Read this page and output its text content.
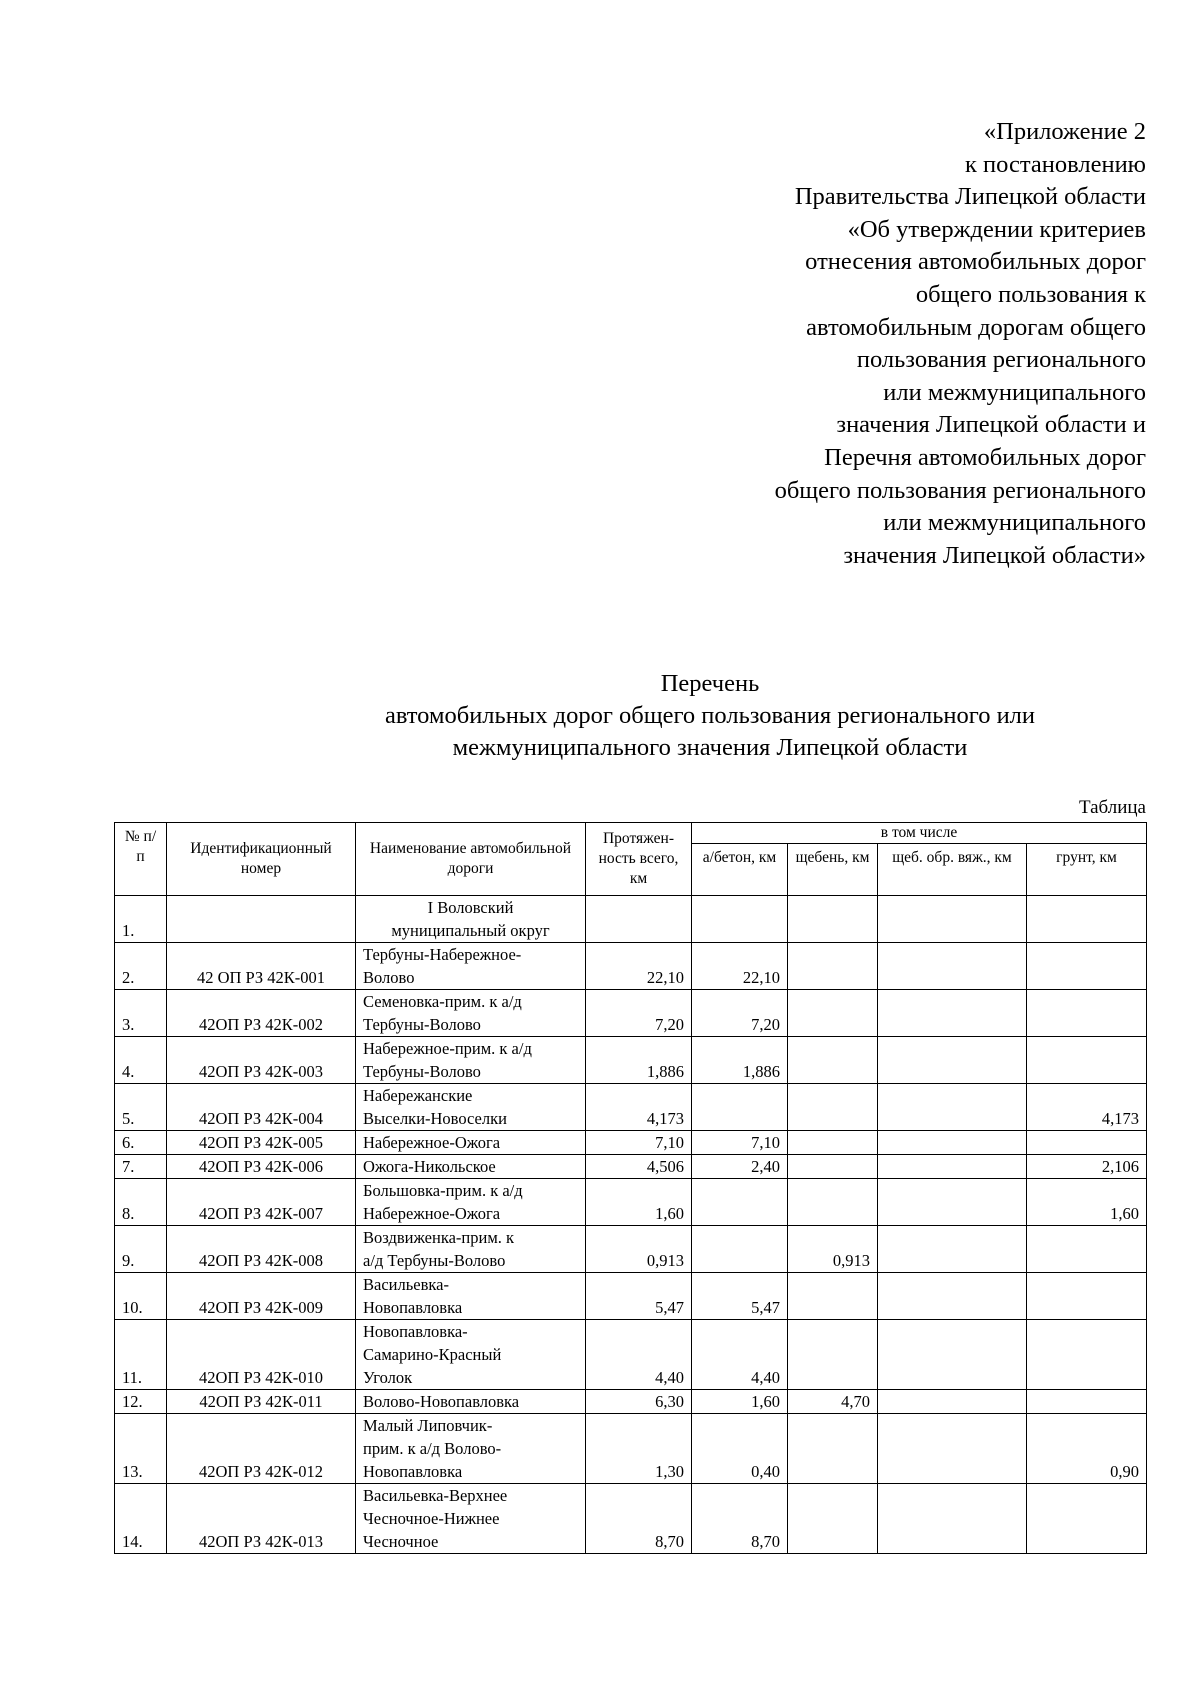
«Приложение 2
к постановлению
Правительства Липецкой области
«Об утверждении критериев
отнесения автомобильных дорог
общего пользования к
автомобильным дорогам общего
пользования регионального
или межмуниципального
значения Липецкой области и
Перечня автомобильных дорог
общего пользования регионального
или межмуниципального
значения Липецкой области»
Перечень
автомобильных дорог общего пользования регионального или
межмуниципального значения Липецкой области
Таблица
№ п/п	Идентификационный номер	Наименование автомобильной дороги	Протяжен- ность всего, км	в том числе			
				а/бетон, км	щебень, км	щеб. обр. вяж., км	грунт, км
1.		I Воловский
муниципальный округ					

2.	42 ОП РЗ 42К-001	Тербуны-Набережное-
Волово	22,10	22,10			
3.	42ОП РЗ 42К-002	Семеновка-прим. к а/д
Тербуны-Волово	7,20	7,20			
4.	42ОП РЗ 42К-003	Набережное-прим. к а/д
Тербуны-Волово	1,886	1,886			
5.	42ОП РЗ 42К-004	Набережанские
Выселки-Новоселки	4,173				4,173
6.	42ОП РЗ 42К-005	Набережное-Ожога	7,10	7,10			
7.	42ОП РЗ 42К-006	Ожога-Никольское	4,506	2,40			2,106
8.	42ОП РЗ 42К-007	Большовка-прим. к а/д
Набережное-Ожога	1,60				1,60
9.	42ОП РЗ 42К-008	Воздвиженка-прим. к
а/д Тербуны-Волово	0,913		0,913		
10.	42ОП РЗ 42К-009	Васильевка-
Новопавловка	5,47	5,47			
11.	42ОП РЗ 42К-010	Новопавловка-
Самарино-Красный
Уголок	4,40	4,40			
12.	42ОП РЗ 42К-011	Волово-Новопавловка	6,30	1,60	4,70		
13.	42ОП РЗ 42К-012	Малый Липовчик-
прим. к а/д Волово-
Новопавловка	1,30	0,40			0,90
14.	42ОП РЗ 42К-013	Васильевка-Верхнее
Чесночное-Нижнее
Чесночное	8,70	8,70			
